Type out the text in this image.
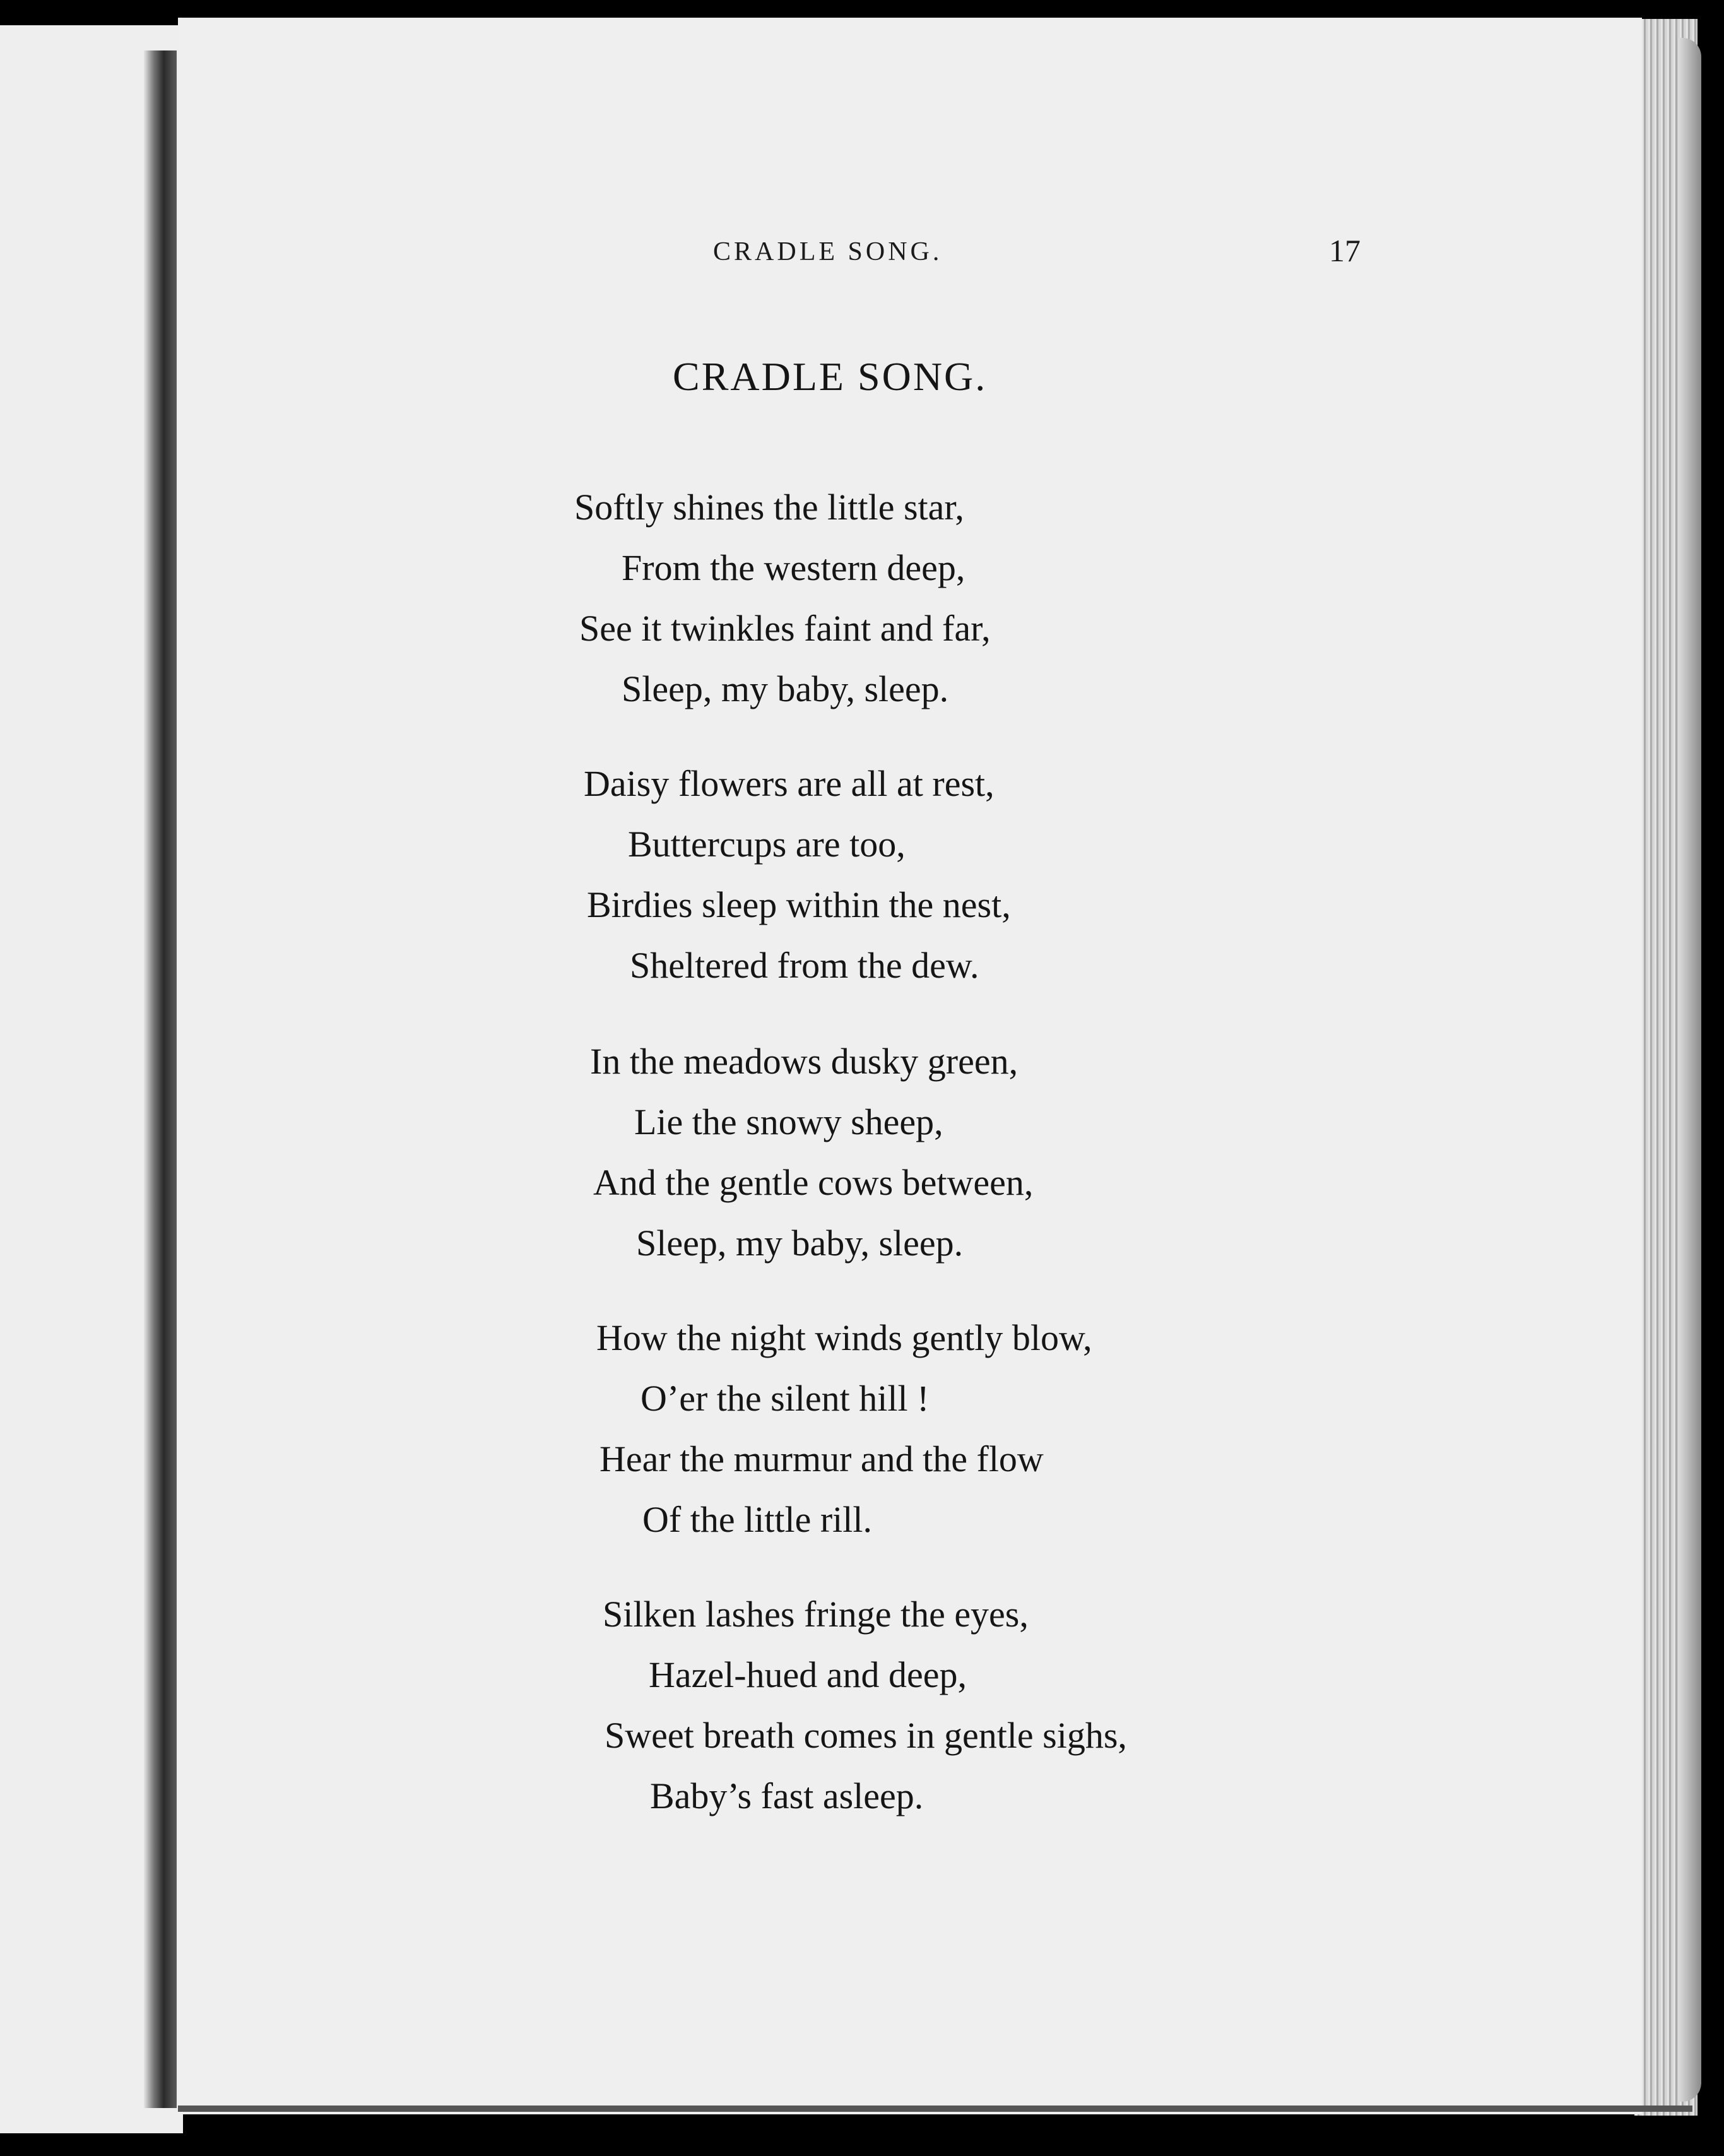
CRADLE SONG.	17
CRADLE SONG.
Softly shines the little star,
From the western deep,
See it twinkles faint and far,
Sleep, my baby, sleep.
Daisy flowers are all at rest,
Buttercups are too,
Birdies sleep within the nest,
Sheltered from the dew.
In the meadows dusky green,
Lie the snowy sheep,
And the gentle cows between,
Sleep, my baby, sleep.
How the night winds gently blow,
O’er the silent hill !
Hear the murmur and the flow
Of the little rill.
Silken lashes fringe the eyes,
Hazel-hued and deep,
Sweet breath comes in gentle sighs,
Baby’s fast asleep.
